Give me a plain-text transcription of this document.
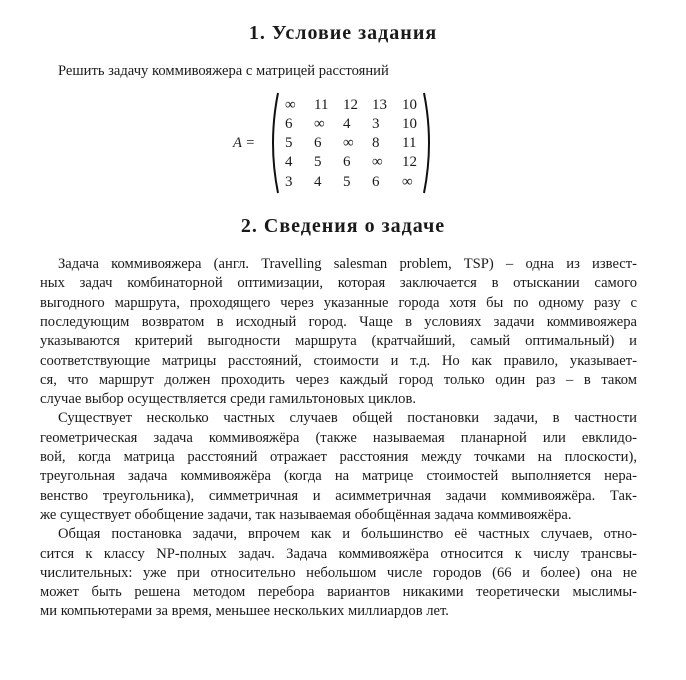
1. Условие задания
Решить задачу коммивояжера с матрицей расстояний
A =
∞ 11 12 13 10
6 ∞ 4 3 10
5 6 ∞ 8 11
4 5 6 ∞ 12
3 4 5 6 ∞
2. Сведения о задаче
Задача коммивояжера (англ. Travelling salesman problem, TSP) – одна из извест-
ных задач комбинаторной оптимизации, которая заключается в отыскании самого
выгодного маршрута, проходящего через указанные города хотя бы по одному разу с
последующим возвратом в исходный город. Чаще в условиях задачи коммивояжера
указываются критерий выгодности маршрута (кратчайший, самый оптимальный) и
соответствующие матрицы расстояний, стоимости и т.д. Но как правило, указывает-
ся, что маршрут должен проходить через каждый город только один раз – в таком
случае выбор осуществляется среди гамильтоновых циклов.
Существует несколько частных случаев общей постановки задачи, в частности
геометрическая задача коммивояжёра (также называемая планарной или евклидо-
вой, когда матрица расстояний отражает расстояния между точками на плоскости),
треугольная задача коммивояжёра (когда на матрице стоимостей выполняется нера-
венство треугольника), симметричная и асимметричная задачи коммивояжёра. Так-
же существует обобщение задачи, так называемая обобщённая задача коммивояжёра.
Общая постановка задачи, впрочем как и большинство её частных случаев, отно-
сится к классу NP-полных задач. Задача коммивояжёра относится к числу трансвы-
числительных: уже при относительно небольшом числе городов (66 и более) она не
может быть решена методом перебора вариантов никакими теоретически мыслимы-
ми компьютерами за время, меньшее нескольких миллиардов лет.
